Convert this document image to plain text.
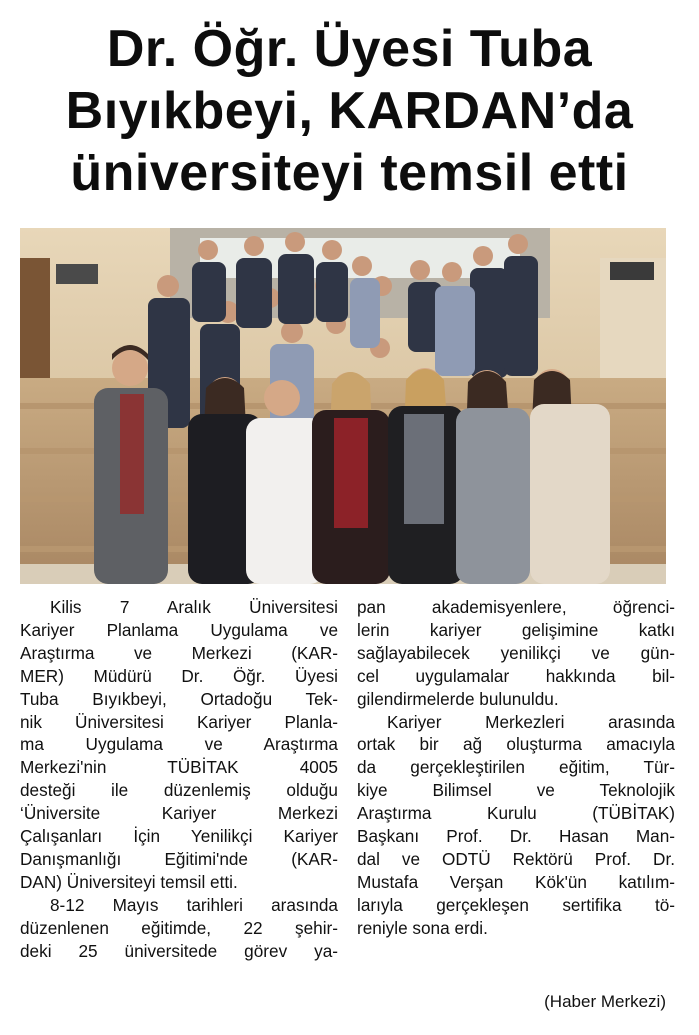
Dr. Öğr. Üyesi Tuba
Bıyıkbeyi, KARDAN’da
üniversiteyi temsil etti
Kilis 7 Aralık Üniversitesi
Kariyer Planlama Uygulama ve
Araştırma ve Merkezi (KAR-
MER) Müdürü Dr. Öğr. Üyesi
Tuba Bıyıkbeyi, Ortadoğu Tek-
nik Üniversitesi Kariyer Planla-
ma Uygulama ve Araştırma
Merkezi'nin TÜBİTAK 4005
desteği ile düzenlemiş olduğu
‘Üniversite Kariyer Merkezi
Çalışanları İçin Yenilikçi Kariyer
Danışmanlığı Eğitimi'nde (KAR-
DAN) Üniversiteyi temsil etti.
8-12 Mayıs tarihleri arasında
düzenlenen eğitimde, 22 şehir-
deki 25 üniversitede görev ya-
pan akademisyenlere, öğrenci-
lerin kariyer gelişimine katkı
sağlayabilecek yenilikçi ve gün-
cel uygulamalar hakkında bil-
gilendirmelerde bulunuldu.
Kariyer Merkezleri arasında
ortak bir ağ oluşturma amacıyla
da gerçekleştirilen eğitim, Tür-
kiye Bilimsel ve Teknolojik
Araştırma Kurulu (TÜBİTAK)
Başkanı Prof. Dr. Hasan Man-
dal ve ODTÜ Rektörü Prof. Dr.
Mustafa Verşan Kök'ün katılım-
larıyla gerçekleşen sertifika tö-
reniyle sona erdi.
(Haber Merkezi)
